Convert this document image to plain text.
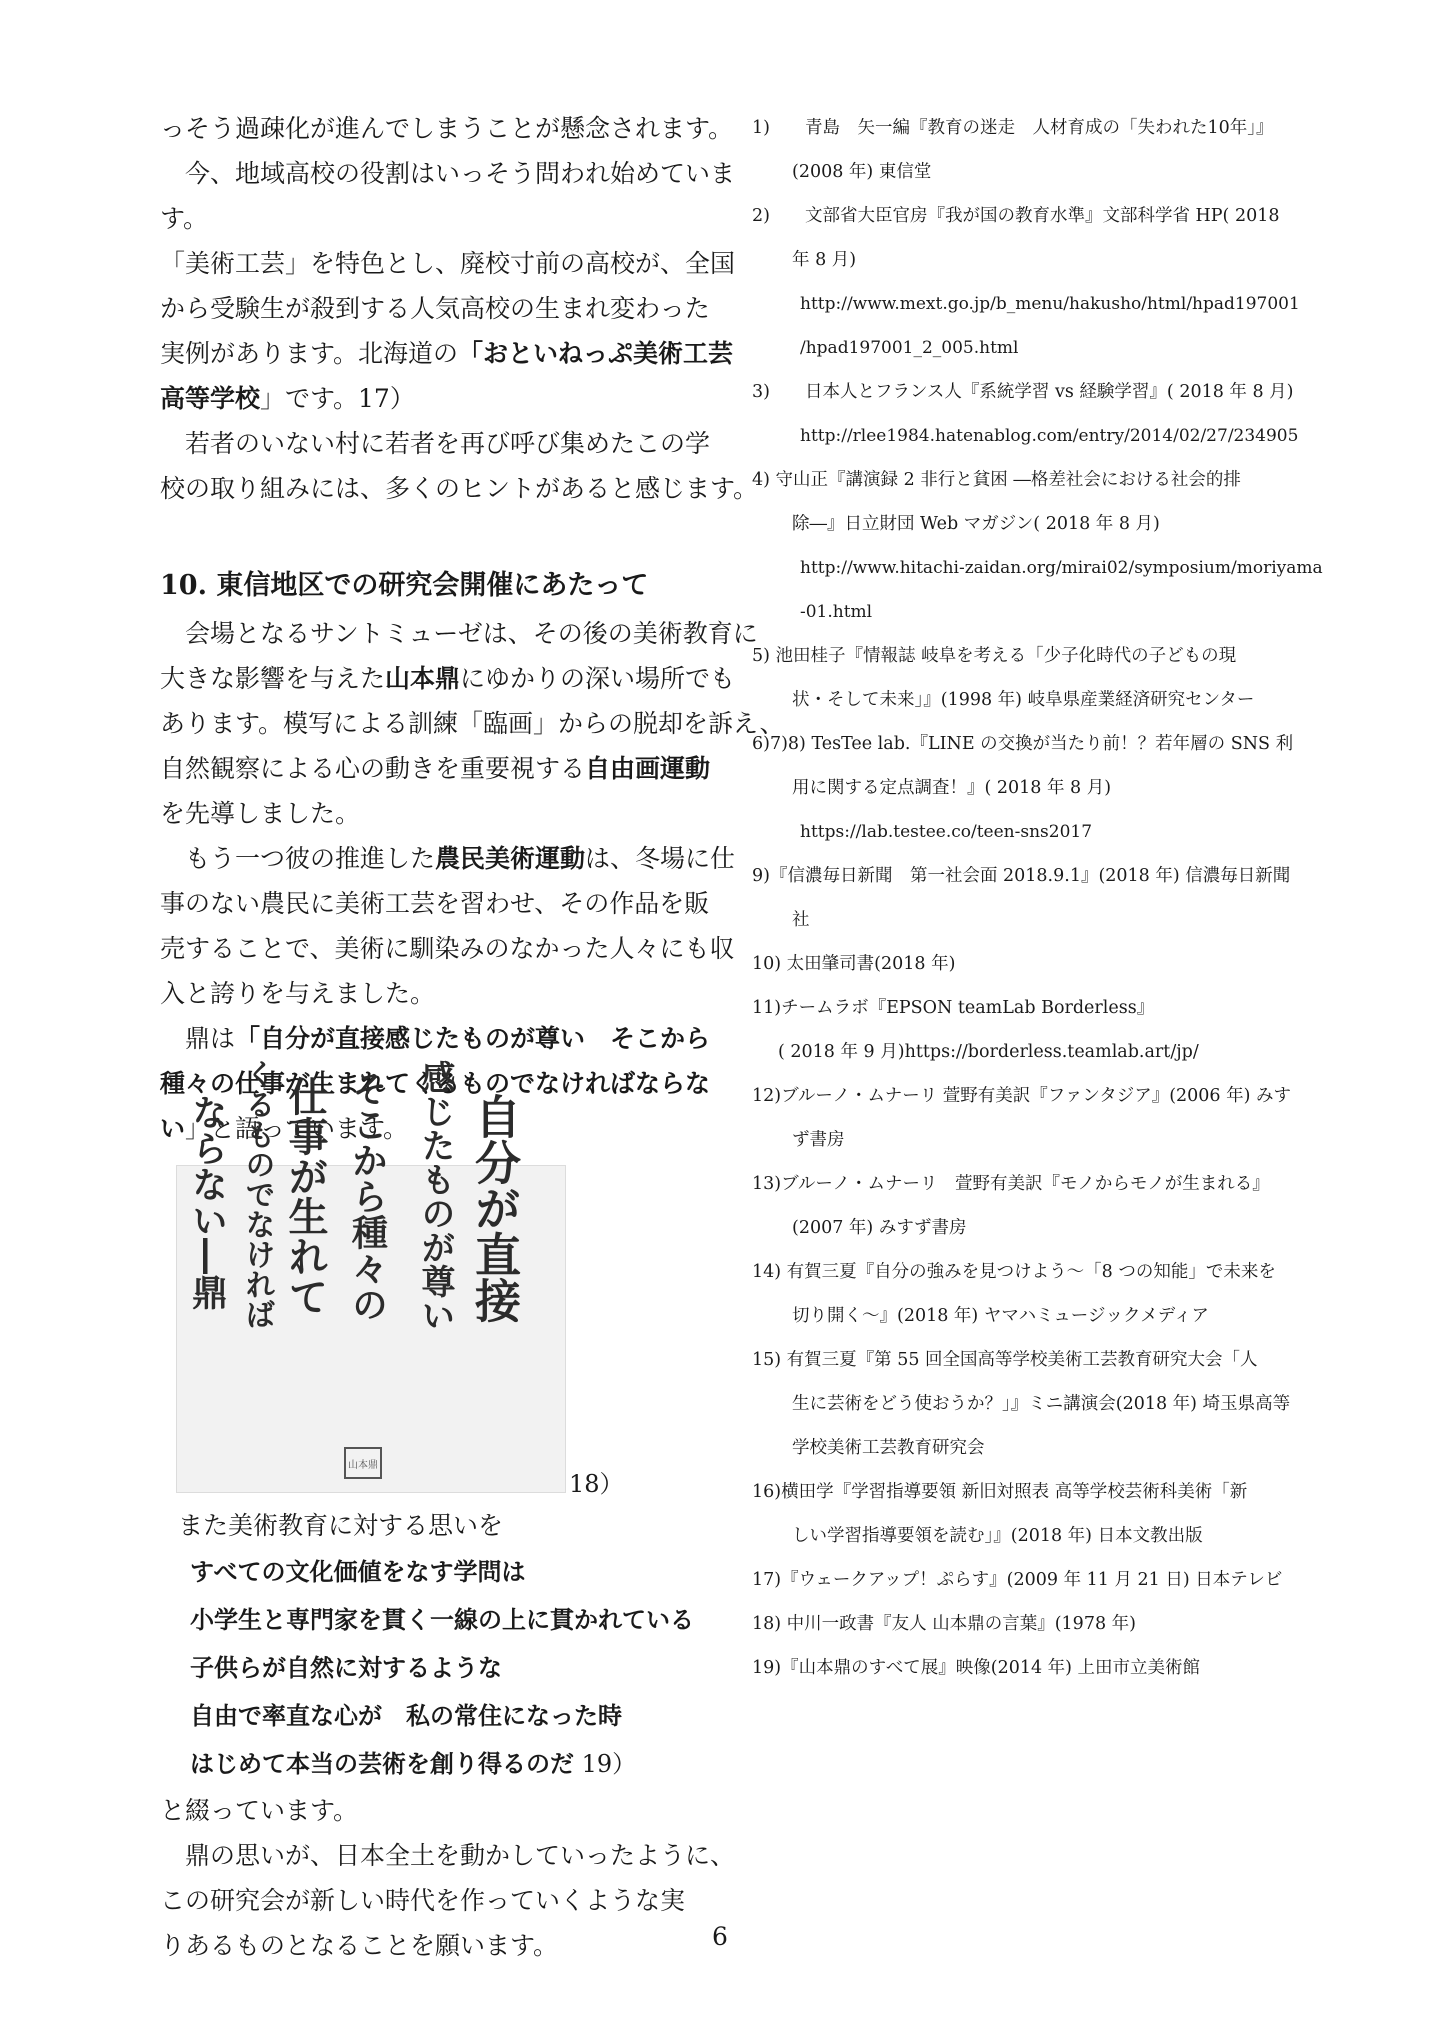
っそう過疎化が進んでしまうことが懸念されます。

　今、地域高校の役割はいっそう問われ始めていま

す。

「美術工芸」を特色とし、廃校寸前の高校が、全国

から受験生が殺到する人気高校の生まれ変わった

実例があります。北海道の「おといねっぷ美術工芸

高等学校」です。17）

　若者のいない村に若者を再び呼び集めたこの学

校の取り組みには、多くのヒントがあると感じます。

10. 東信地区での研究会開催にあたって

　会場となるサントミューゼは、その後の美術教育に

大きな影響を与えた山本鼎にゆかりの深い場所でも

あります。模写による訓練「臨画」からの脱却を訴え、

自然観察による心の動きを重要視する自由画運動

を先導しました。

　もう一つ彼の推進した農民美術運動は、冬場に仕

事のない農民に美術工芸を習わせ、その作品を販

売することで、美術に馴染みのなかった人々にも収

入と誇りを与えました。

　鼎は「自分が直接感じたものが尊い　そこから

種々の仕事が生まれてくるものでなければならな

い」と語っています。	自分が直接
感じたものが尊い
そこから種々の
仕事が生れて
くるものでなければ
ならない―鼎
山本鼎
18）

また美術教育に対する思いを

すべての文化価値をなす学問は

小学生と専門家を貫く一線の上に貫かれている

子供らが自然に対するような

自由で率直な心が　私の常住になった時

はじめて本当の芸術を創り得るのだ 19）

と綴っています。

　鼎の思いが、日本全土を動かしていったように、

この研究会が新しい時代を作っていくような実

りあるものとなることを願います。

1)　　青島　矢一編『教育の迷走　人材育成の「失われた10年」』

(2008 年) 東信堂

2)　　文部省大臣官房『我が国の教育水準』文部科学省 HP( 2018

年 8 月)

http://www.mext.go.jp/b_menu/hakusho/html/hpad197001

/hpad197001_2_005.html

3)　　日本人とフランス人『系統学習 vs 経験学習』( 2018 年 8 月)

http://rlee1984.hatenablog.com/entry/2014/02/27/234905

4) 守山正『講演録 2 非行と貧困 ―格差社会における社会的排

除―』日立財団 Web マガジン( 2018 年 8 月)

http://www.hitachi-zaidan.org/mirai02/symposium/moriyama

-01.html

5) 池田桂子『情報誌 岐阜を考える「少子化時代の子どもの現

状・そして未来」』(1998 年) 岐阜県産業経済研究センター

6)7)8) TesTee lab.『LINE の交換が当たり前！？若年層の SNS 利

用に関する定点調査！』( 2018 年 8 月)

https://lab.testee.co/teen-sns2017

9)『信濃毎日新聞　第一社会面 2018.9.1』(2018 年) 信濃毎日新聞

社

10) 太田肇司書(2018 年)

11)チームラボ『EPSON teamLab Borderless』

( 2018 年 9 月)https://borderless.teamlab.art/jp/

12)ブルーノ・ムナーリ 萱野有美訳『ファンタジア』(2006 年) みす

ず書房

13)ブルーノ・ムナーリ　萱野有美訳『モノからモノが生まれる』

(2007 年) みすず書房

14) 有賀三夏『自分の強みを見つけよう～「8 つの知能」で未来を

切り開く～』(2018 年) ヤマハミュージックメディア

15) 有賀三夏『第 55 回全国高等学校美術工芸教育研究大会「人

生に芸術をどう使おうか？」』ミニ講演会(2018 年) 埼玉県高等

学校美術工芸教育研究会

16)横田学『学習指導要領 新旧対照表 高等学校芸術科美術「新

しい学習指導要領を読む」』(2018 年) 日本文教出版

17)『ウェークアップ！ぷらす』(2009 年 11 月 21 日) 日本テレビ

18) 中川一政書『友人 山本鼎の言葉』(1978 年)

19)『山本鼎のすべて展』映像(2014 年) 上田市立美術館

6
